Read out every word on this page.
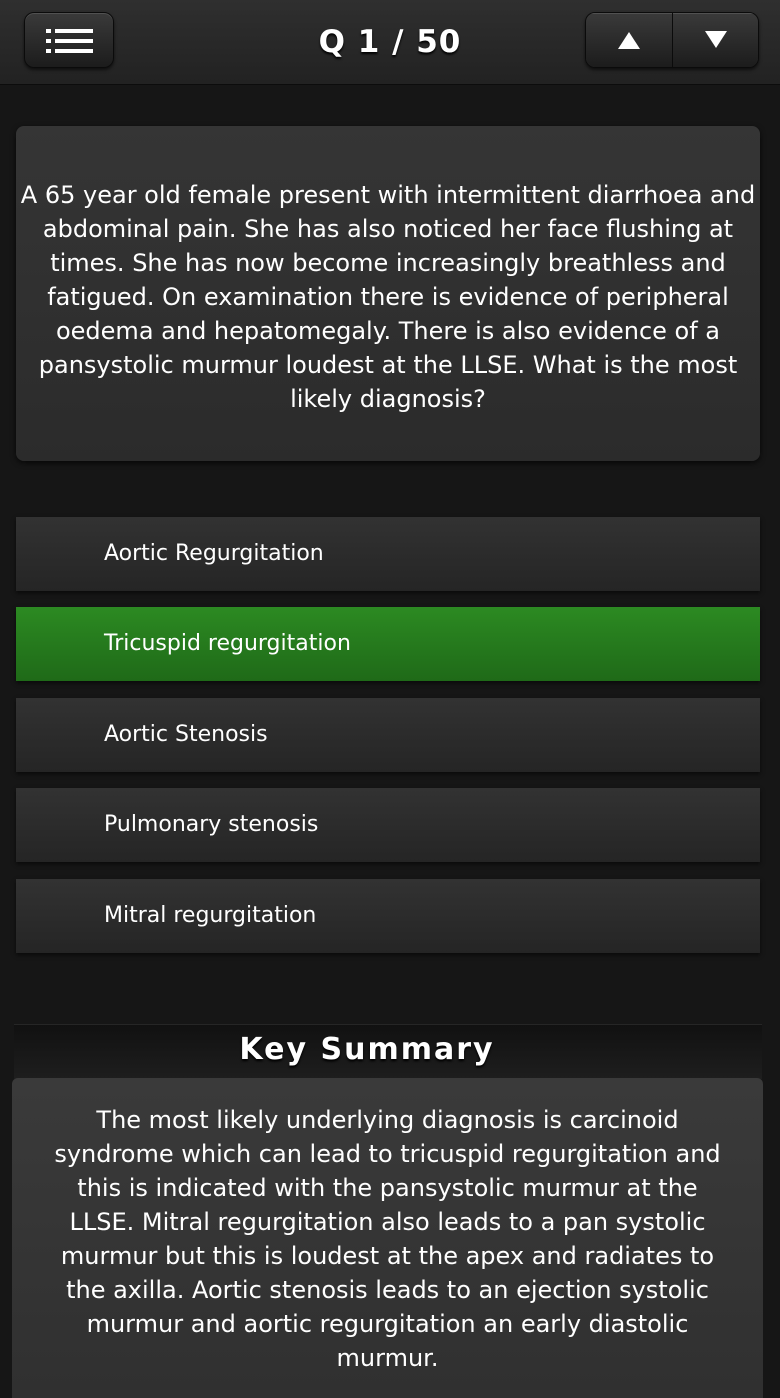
Q 1 / 50
A 65 year old female present with intermittent diarrhoea and abdominal pain. She has also noticed her face flushing at times. She has now become increasingly breathless and fatigued. On examination there is evidence of peripheral oedema and hepatomegaly. There is also evidence of a pansystolic murmur loudest at the LLSE. What is the most likely diagnosis?
Aortic Regurgitation
Tricuspid regurgitation
Aortic Stenosis
Pulmonary stenosis
Mitral regurgitation
Key Summary
The most likely underlying diagnosis is carcinoid syndrome which can lead to tricuspid regurgitation and this is indicated with the pansystolic murmur at the LLSE. Mitral regurgitation also leads to a pan systolic murmur but this is loudest at the apex and radiates to the axilla. Aortic stenosis leads to an ejection systolic murmur and aortic regurgitation an early diastolic murmur.
